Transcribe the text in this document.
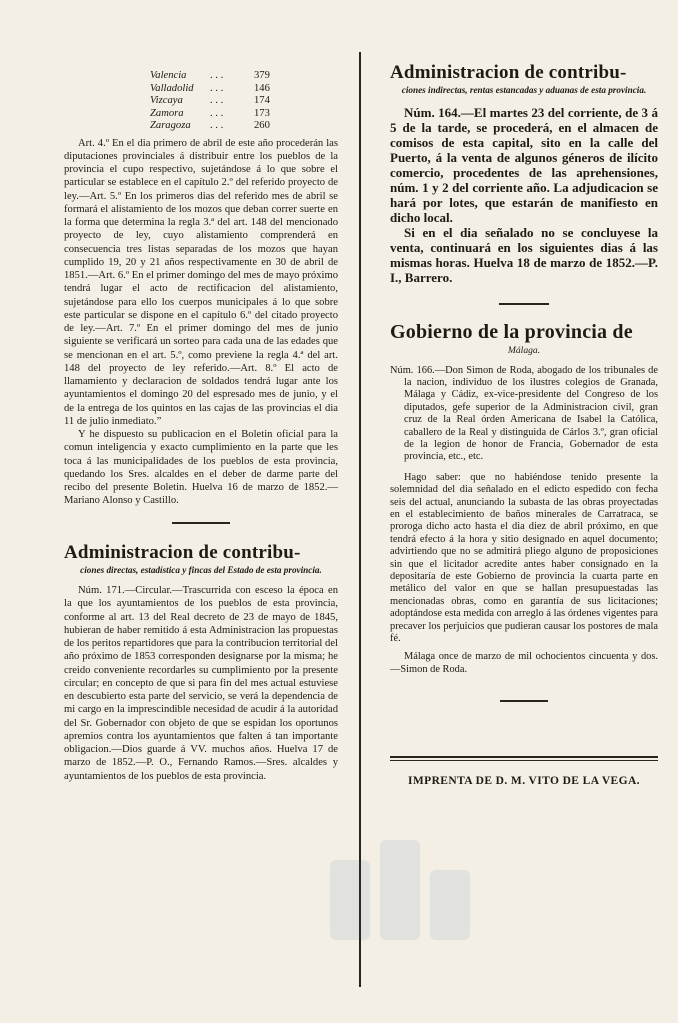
Valencia	. . .	379
Valladolid	. . .	146
Vizcaya	. . .	174
Zamora	. . .	173
Zaragoza	. . .	260

Art. 4.º En el dia primero de abril de este año procederán las diputaciones provinciales á distribuir entre los pueblos de la provincia el cupo respectivo, sujetándose á lo que sobre el particular se establece en el capítulo 2.º del referido proyecto de ley.—Art. 5.º En los primeros dias del referido mes de abril se formará el alistamiento de los mozos que deban correr suerte en la forma que determina la regla 3.ª del art. 148 del mencionado proyecto de ley, cuyo alistamiento comprenderá en consecuencia tres listas separadas de los mozos que hayan cumplido 19, 20 y 21 años respectivamente en 30 de abril de 1851.—Art. 6.º En el primer domingo del mes de mayo próximo tendrá lugar el acto de rectificacion del alistamiento, sujetándose para ello los cuerpos municipales á lo que sobre este particular se dispone en el capítulo 6.º del citado proyecto de ley.—Art. 7.º En el primer domingo del mes de junio siguiente se verificará un sorteo para cada una de las edades que se mencionan en el art. 5.º, como previene la regla 4.ª del art. 148 del proyecto de ley referido.—Art. 8.º El acto de llamamiento y declaracion de soldados tendrá lugar ante los ayuntamientos el domingo 20 del espresado mes de junio, y el de la entrega de los quintos en las cajas de las provincias el dia 11 de julio inmediato.”

Y he dispuesto su publicacion en el Boletin oficial para la comun inteligencia y exacto cumplimiento en la parte que les toca á las municipalidades de los pueblos de esta provincia, quedando los Sres. alcaldes en el deber de darme parte del recibo del presente Boletin. Huelva 16 de marzo de 1852.—Mariano Alonso y Castillo.

Administracion de contribu-
ciones directas, estadística y fincas del Estado de esta provincia.

Núm. 171.—Circular.—Trascurrida con esceso la época en la que los ayuntamientos de los pueblos de esta provincia, conforme al art. 13 del Real decreto de 23 de mayo de 1845, hubieran de haber remitido á esta Administracion las propuestas de los peritos repartidores que para la contribucion territorial del año próximo de 1853 corresponden designarse por la misma; he creido conveniente recordarles su cumplimiento por la presente circular; en concepto de que si para fin del mes actual estuviese en descubierto esta parte del servicio, se verá la dependencia de mi cargo en la imprescindible necesidad de acudir á la autoridad del Sr. Gobernador con objeto de que se espidan los oportunos apremios contra los ayuntamientos que falten á tan importante obligacion.—Dios guarde á VV. muchos años. Huelva 17 de marzo de 1852.—P. O., Fernando Ramos.—Sres. alcaldes y ayuntamientos de los pueblos de esta provincia.

Administracion de contribu-
ciones indirectas, rentas estancadas y aduanas de esta provincia.

Núm. 164.—El martes 23 del corriente, de 3 á 5 de la tarde, se procederá, en el almacen de comisos de esta capital, sito en la calle del Puerto, á la venta de algunos géneros de ilícito comercio, procedentes de las aprehensiones, núm. 1 y 2 del corriente año. La adjudicacion se hará por lotes, que estarán de manifiesto en dicho local.

Si en el dia señalado no se concluyese la venta, continuará en los siguientes dias á las mismas horas. Huelva 18 de marzo de 1852.—P. I., Barrero.

Gobierno de la provincia de
Málaga.

Núm. 166.—Don Simon de Roda, abogado de los tribunales de la nacion, individuo de los ilustres colegios de Granada, Málaga y Cádiz, ex-vice-presidente del Congreso de los diputados, gefe superior de la Administracion civil, gran cruz de la Real órden Americana de Isabel la Católica, caballero de la Real y distinguida de Cárlos 3.º, gran oficial de la legion de honor de Francia, Gobernador de esta provincia, etc., etc.

Hago saber: que no habiéndose tenido presente la solemnidad del dia señalado en el edicto espedido con fecha seis del actual, anunciando la subasta de las obras proyectadas en el establecimiento de baños minerales de Carratraca, se proroga dicho acto hasta el dia diez de abril próximo, en que tendrá efecto á la hora y sitio designado en aquel documento; advirtiendo que no se admitirá pliego alguno de proposiciones sin que el licitador acredite antes haber consignado en la depositaría de este Gobierno de provincia la cuarta parte en metálico del valor en que se hallan presupuestadas las mencionadas obras, como en garantía de sus licitaciones; adoptándose esta medida con arreglo á las órdenes vigentes para precaver los perjuicios que pudieran causar los postores de mala fé.

Málaga once de marzo de mil ochocientos cincuenta y dos.—Simon de Roda.

IMPRENTA DE D. M. VITO DE LA VEGA.
